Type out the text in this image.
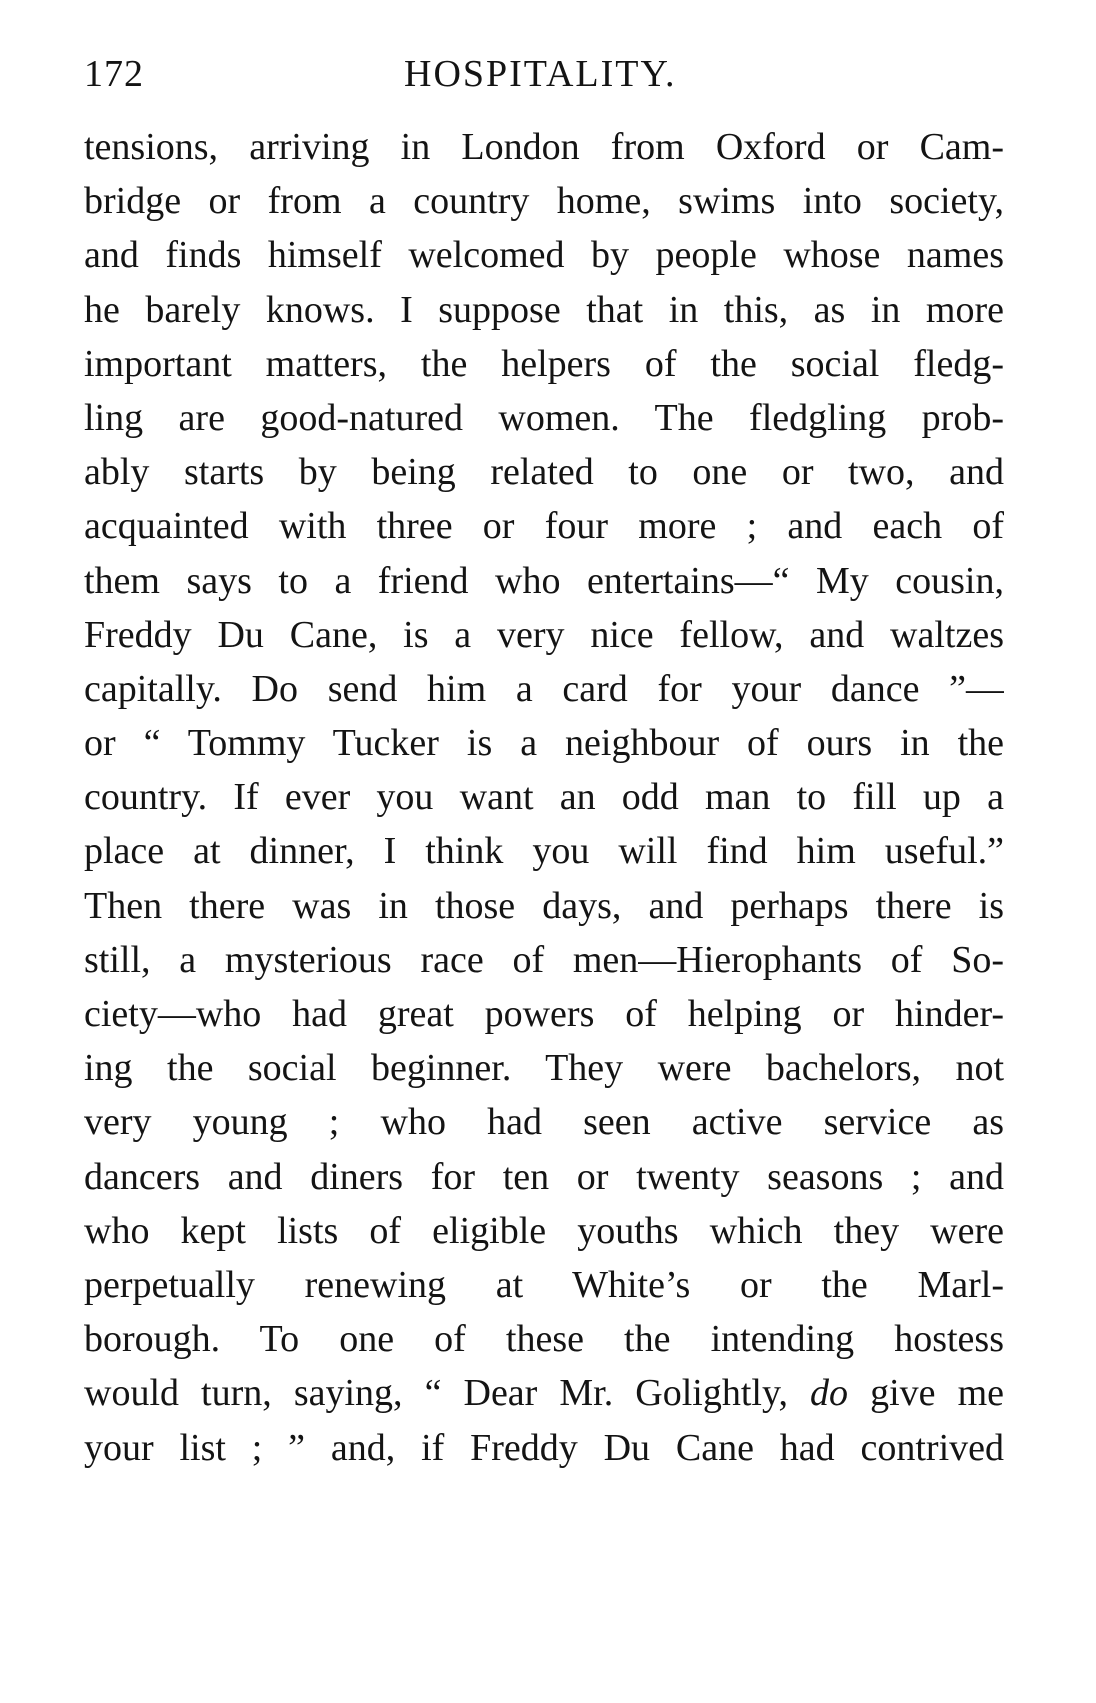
172	HOSPITALITY.
tensions, arriving in London from Oxford or Cam-
bridge or from a country home, swims into society,
and finds himself welcomed by people whose names
he barely knows. I suppose that in this, as in more
important matters, the helpers of the social fledg-
ling are good-natured women. The fledgling prob-
ably starts by being related to one or two, and
acquainted with three or four more ; and each of
them says to a friend who entertains—“ My cousin,
Freddy Du Cane, is a very nice fellow, and waltzes
capitally. Do send him a card for your dance ”—
or “ Tommy Tucker is a neighbour of ours in the
country. If ever you want an odd man to fill up a
place at dinner, I think you will find him useful.”
Then there was in those days, and perhaps there is
still, a mysterious race of men—Hierophants of So-
ciety—who had great powers of helping or hinder-
ing the social beginner. They were bachelors, not
very young ; who had seen active service as
dancers and diners for ten or twenty seasons ; and
who kept lists of eligible youths which they were
perpetually renewing at White’s or the Marl-
borough. To one of these the intending hostess
would turn, saying, “ Dear Mr. Golightly, do give me
your list ; ” and, if Freddy Du Cane had contrived
